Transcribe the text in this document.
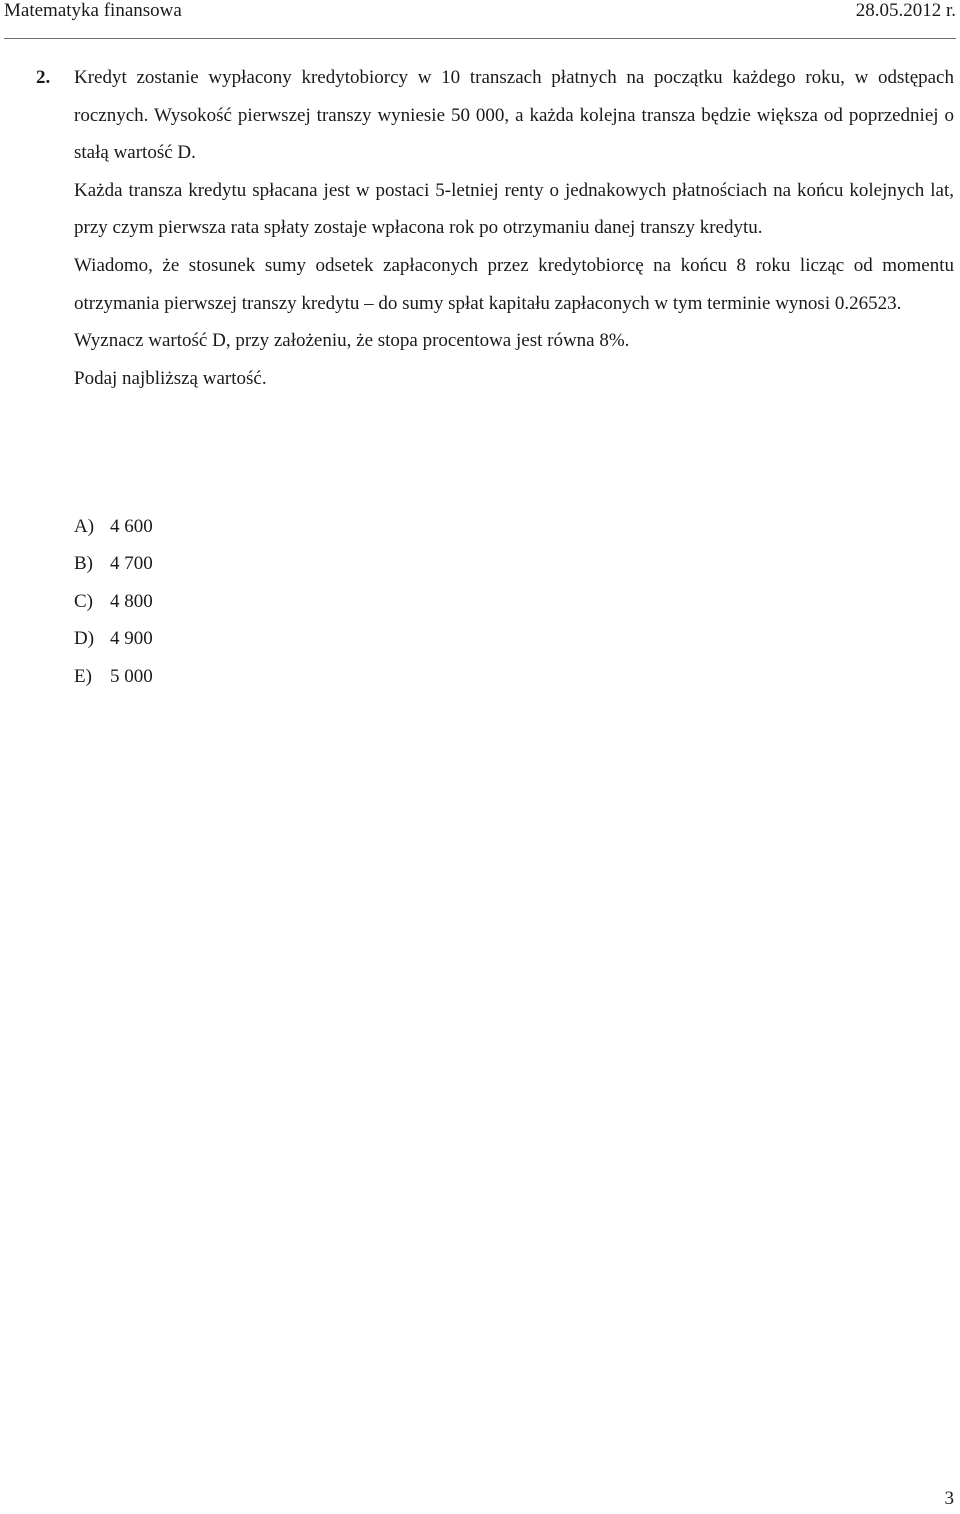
Matematyka finansowa	28.05.2012 r.
2. Kredyt zostanie wypłacony kredytobiorcy w 10 transzach płatnych na początku każdego roku, w odstępach rocznych. Wysokość pierwszej transzy wyniesie 50 000, a każda kolejna transza będzie większa od poprzedniej o stałą wartość D.

Każda transza kredytu spłacana jest w postaci 5-letniej renty o jednakowych płatnościach na końcu kolejnych lat, przy czym pierwsza rata spłaty zostaje wpłacona rok po otrzymaniu danej transzy kredytu.

Wiadomo, że stosunek sumy odsetek zapłaconych przez kredytobiorcę na końcu 8 roku licząc od momentu otrzymania pierwszej transzy kredytu – do sumy spłat kapitału zapłaconych w tym terminie wynosi 0.26523.

Wyznacz wartość D, przy założeniu, że stopa procentowa jest równa 8%.

Podaj najbliższą wartość.

A) 4 600
B) 4 700
C) 4 800
D) 4 900
E) 5 000
3
